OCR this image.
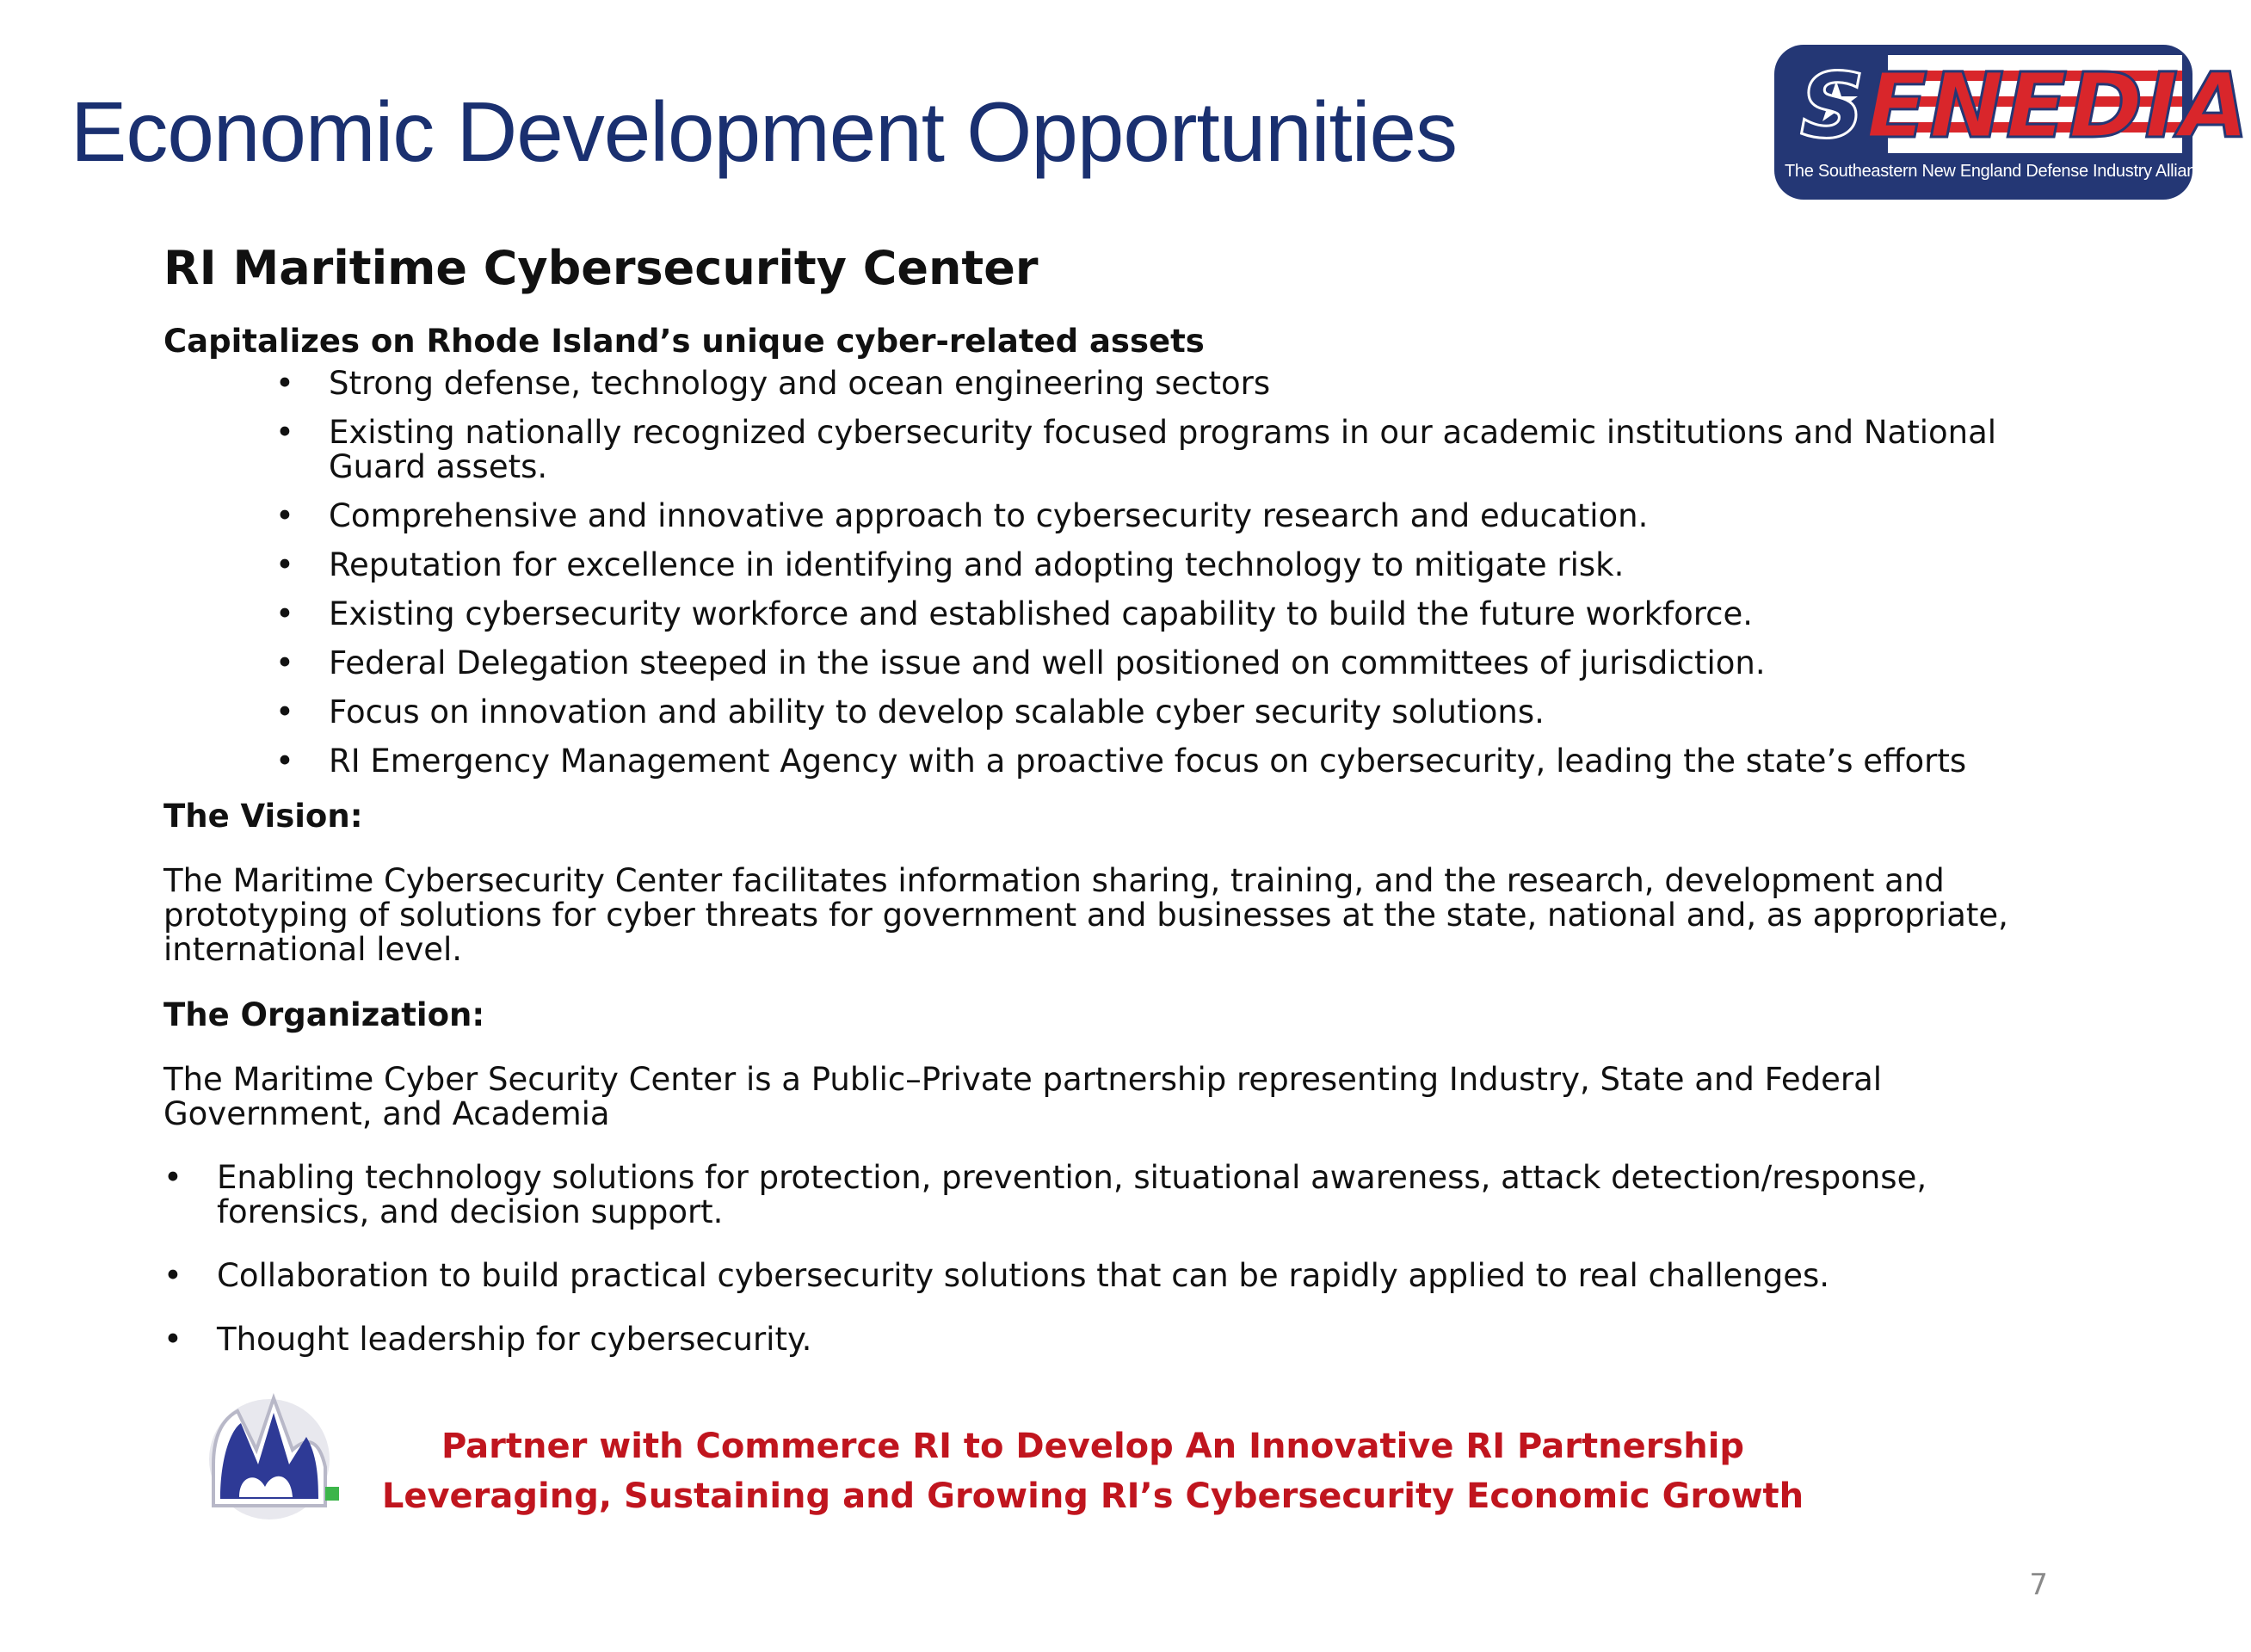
Economic Development Opportunities	SENEDIA
The Southeastern New England Defense Industry Alliance
RI Maritime Cybersecurity Center
Capitalizes on Rhode Island’s unique cyber-related assets
• Strong defense, technology and ocean engineering sectors
• Existing nationally recognized cybersecurity focused programs in our academic institutions and National Guard assets.
• Comprehensive and innovative approach to cybersecurity research and education.
• Reputation for excellence in identifying and adopting technology to mitigate risk.
• Existing cybersecurity workforce and established capability to build the future workforce.
• Federal Delegation steeped in the issue and well positioned on committees of jurisdiction.
• Focus on innovation and ability to develop scalable cyber security solutions.
• RI Emergency Management Agency with a proactive focus on cybersecurity, leading the state’s efforts
The Vision:

The Maritime Cybersecurity Center facilitates information sharing, training, and the research, development and prototyping of solutions for cyber threats for government and businesses at the state, national and, as appropriate, international level.

The Organization:

The Maritime Cyber Security Center is a Public–Private partnership representing Industry, State and Federal Government, and Academia

• Enabling technology solutions for protection, prevention, situational awareness, attack detection/response, forensics, and decision support.
• Collaboration to build practical cybersecurity solutions that can be rapidly applied to real challenges.
• Thought leadership for cybersecurity.
Partner with Commerce RI to Develop An Innovative RI Partnership
Leveraging, Sustaining and Growing RI’s Cybersecurity Economic Growth
7
